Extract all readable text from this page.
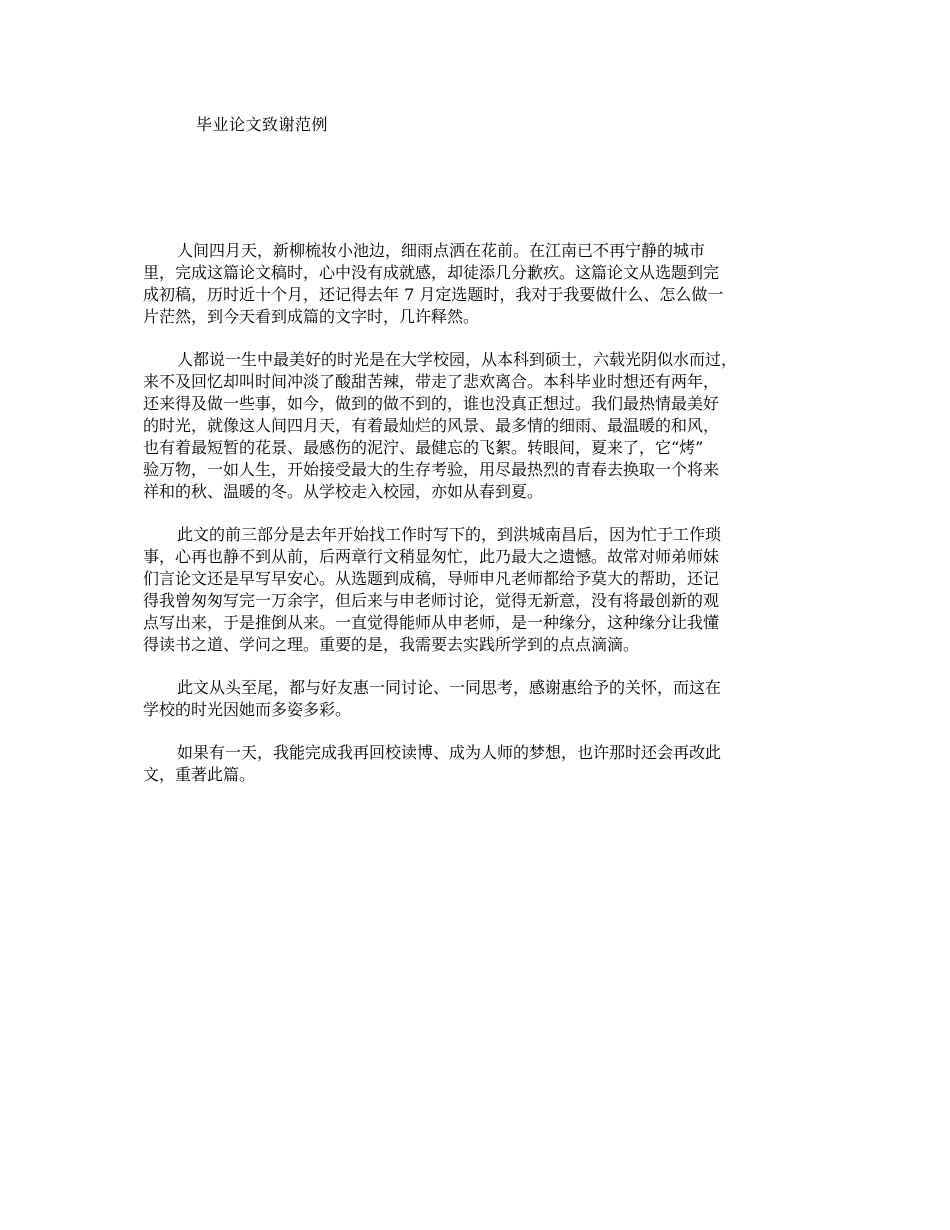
毕业论文致谢范例
人间四月天，新柳梳妆小池边，细雨点洒在花前。在江南已不再宁静的城市
里，完成这篇论文稿时，心中没有成就感，却徒添几分歉疚。这篇论文从选题到完
成初稿，历时近十个月，还记得去年 7 月定选题时，我对于我要做什么、怎么做一
片茫然，到今天看到成篇的文字时，几许释然。
人都说一生中最美好的时光是在大学校园，从本科到硕士，六载光阴似水而过，
来不及回忆却叫时间冲淡了酸甜苦辣，带走了悲欢离合。本科毕业时想还有两年，
还来得及做一些事，如今，做到的做不到的，谁也没真正想过。我们最热情最美好
的时光，就像这人间四月天，有着最灿烂的风景、最多情的细雨、最温暖的和风，
也有着最短暂的花景、最感伤的泥泞、最健忘的飞絮。转眼间，夏来了，它“烤”
验万物，一如人生，开始接受最大的生存考验，用尽最热烈的青春去换取一个将来
祥和的秋、温暖的冬。从学校走入校园，亦如从春到夏。
此文的前三部分是去年开始找工作时写下的，到洪城南昌后，因为忙于工作琐
事，心再也静不到从前，后两章行文稍显匆忙，此乃最大之遗憾。故常对师弟师妹
们言论文还是早写早安心。从选题到成稿，导师申凡老师都给予莫大的帮助，还记
得我曾匆匆写完一万余字，但后来与申老师讨论，觉得无新意，没有将最创新的观
点写出来，于是推倒从来。一直觉得能师从申老师，是一种缘分，这种缘分让我懂
得读书之道、学问之理。重要的是，我需要去实践所学到的点点滴滴。
此文从头至尾，都与好友惠一同讨论、一同思考，感谢惠给予的关怀，而这在
学校的时光因她而多姿多彩。
如果有一天，我能完成我再回校读博、成为人师的梦想，也许那时还会再改此
文，重著此篇。
